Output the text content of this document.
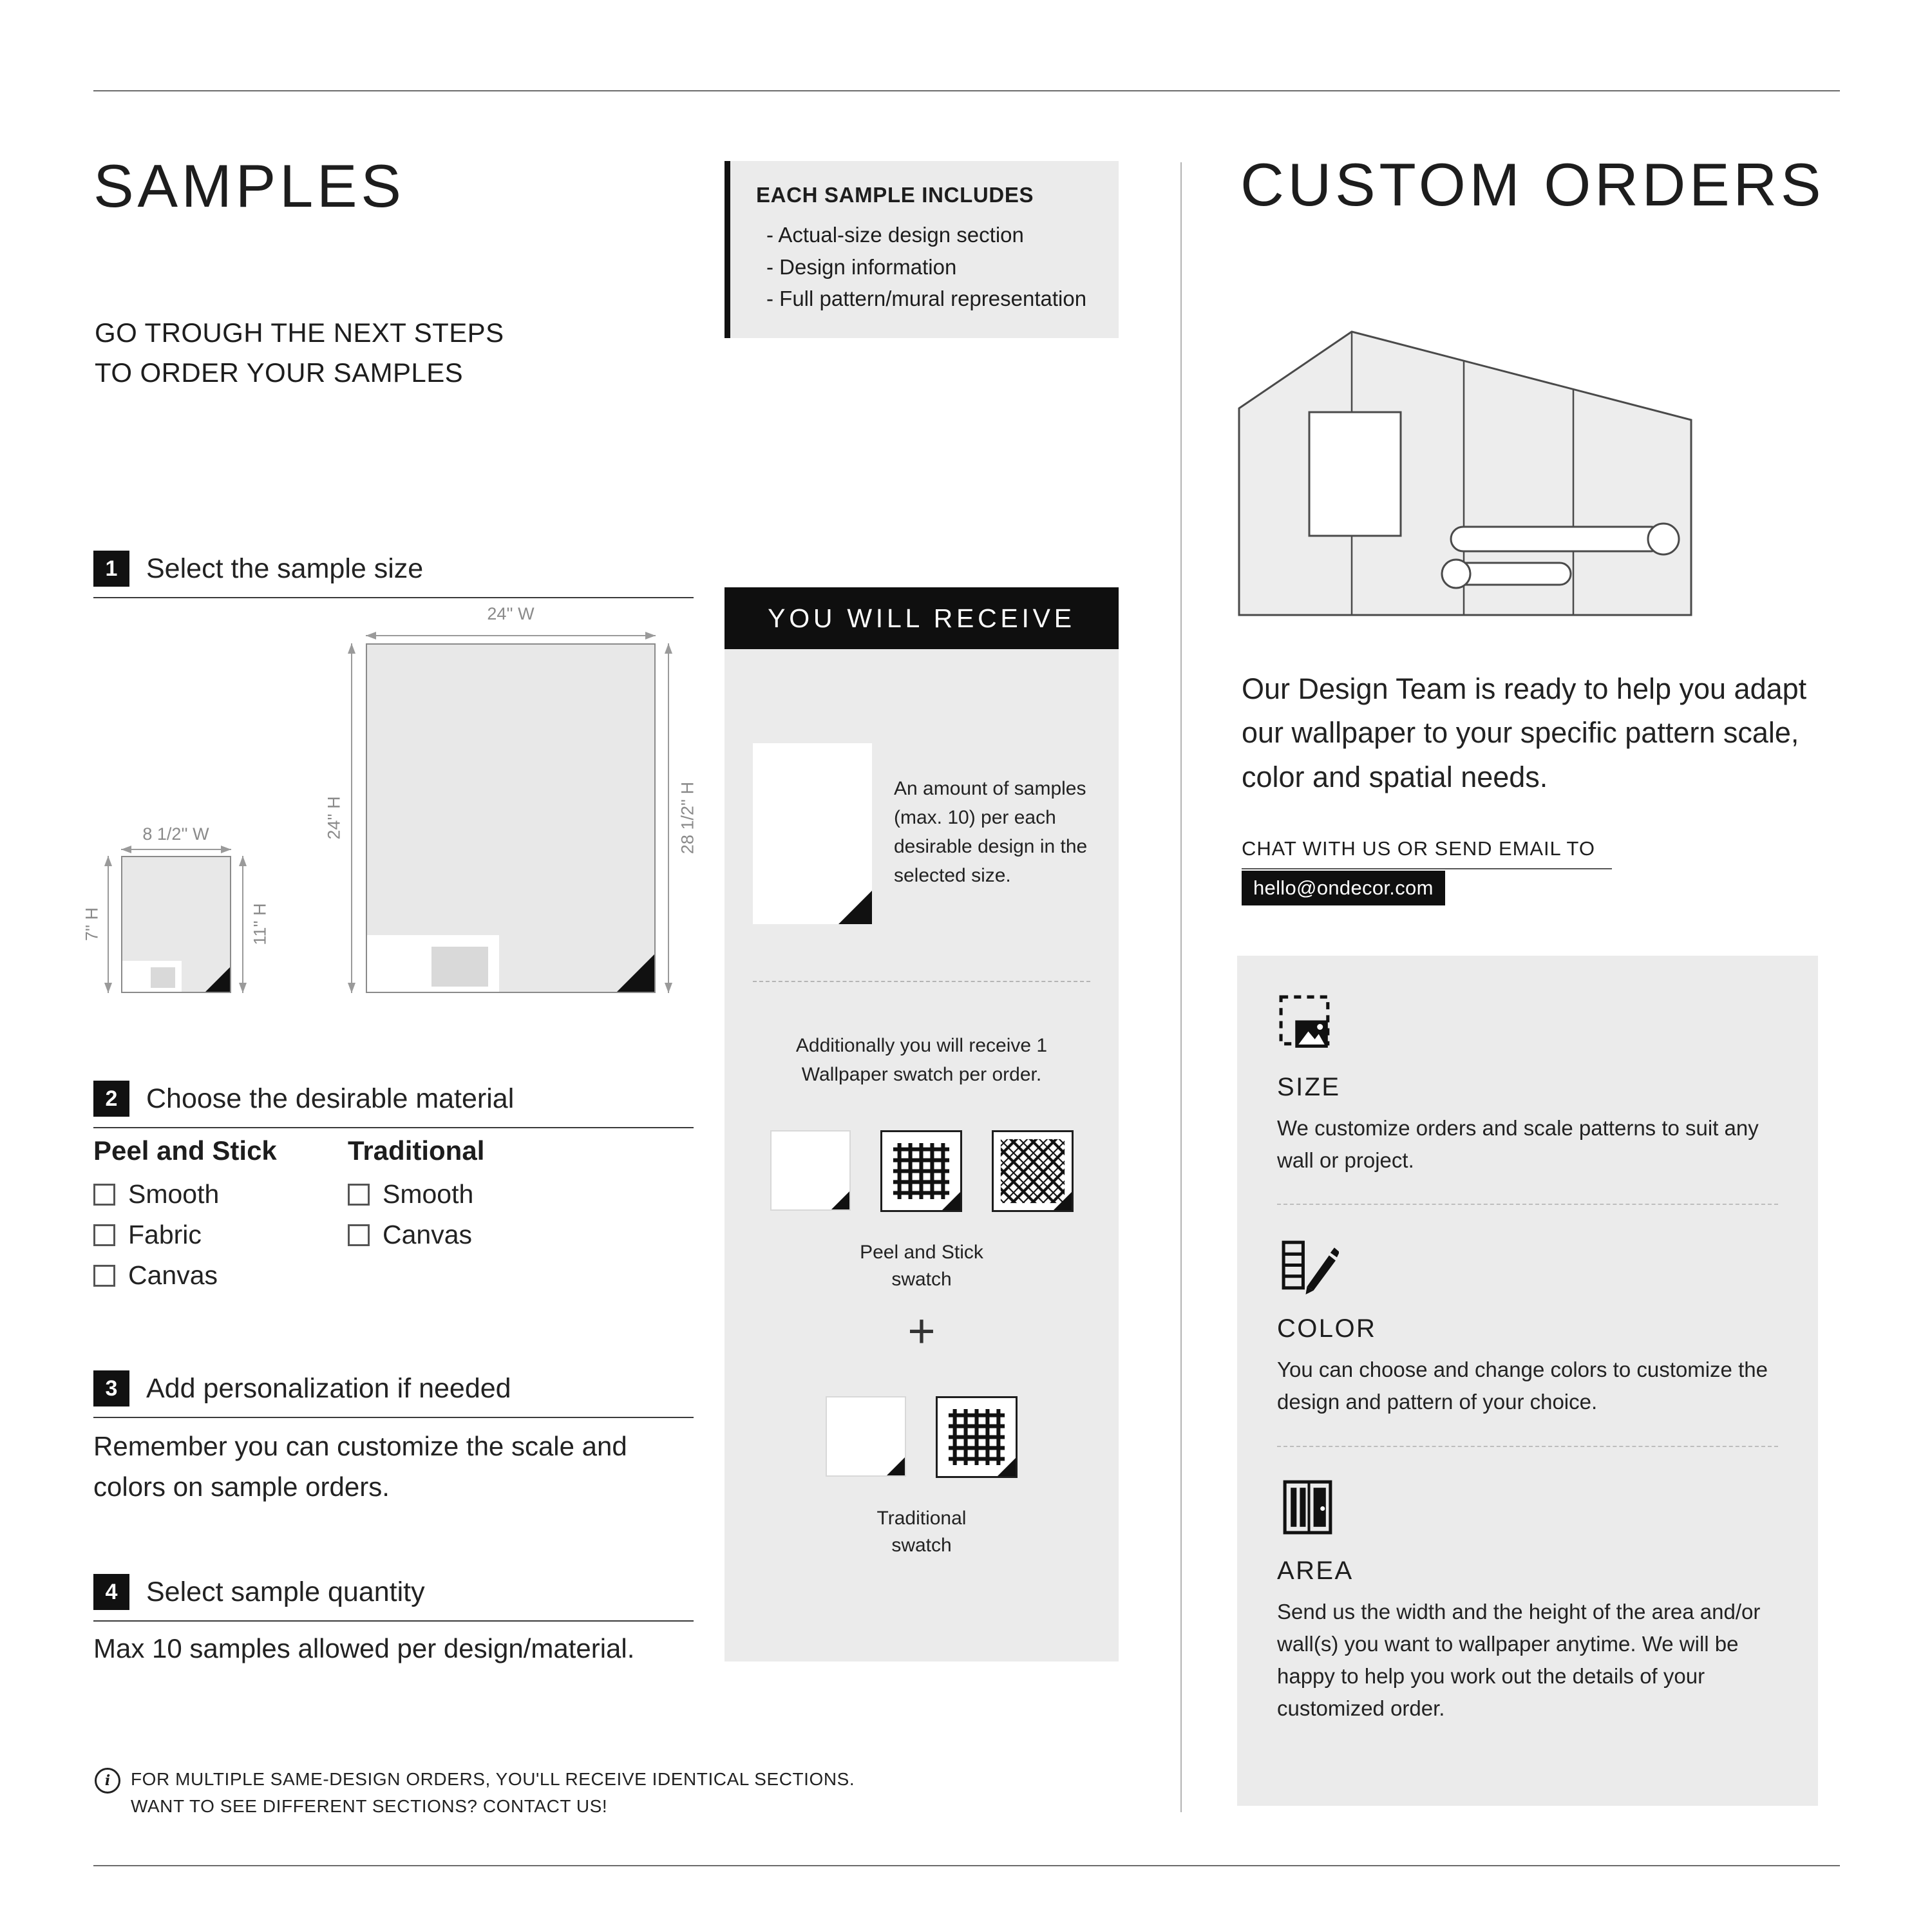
SAMPLES
GO TROUGH THE NEXT STEPS
TO ORDER YOUR SAMPLES
EACH SAMPLE INCLUDES
- Actual-size design section
- Design information
- Full pattern/mural representation
1	Select the sample size
24'' W
24'' H	28 1/2'' H
8 1/2'' W
7'' H	11'' H
2	Choose the desirable material
Peel and Stick
Smooth
Fabric
Canvas
Traditional
Smooth
Canvas
3	Add personalization if needed
Remember you can customize the scale and colors on sample orders.
4	Select sample quantity
Max 10 samples allowed per design/material.
i	FOR MULTIPLE SAME-DESIGN ORDERS, YOU'LL RECEIVE IDENTICAL SECTIONS. WANT TO SEE DIFFERENT SECTIONS? CONTACT US!
YOU WILL RECEIVE
An amount of samples (max. 10) per each desirable design in the selected size.
Additionally you will receive 1 Wallpaper swatch per order.
Peel and Stick
swatch
+
Traditional
swatch
CUSTOM ORDERS
Our Design Team is ready to help you adapt our wallpaper to your specific pattern scale, color and spatial needs.
CHAT WITH US OR SEND EMAIL TO
hello@ondecor.com
SIZE
We customize orders and scale patterns to suit any wall or project.
COLOR
You can choose and change colors to customize the design and pattern of your choice.
AREA
Send us the width and the height of the area and/or wall(s) you want to wallpaper anytime. We will be happy to help you work out the details of your customized order.
